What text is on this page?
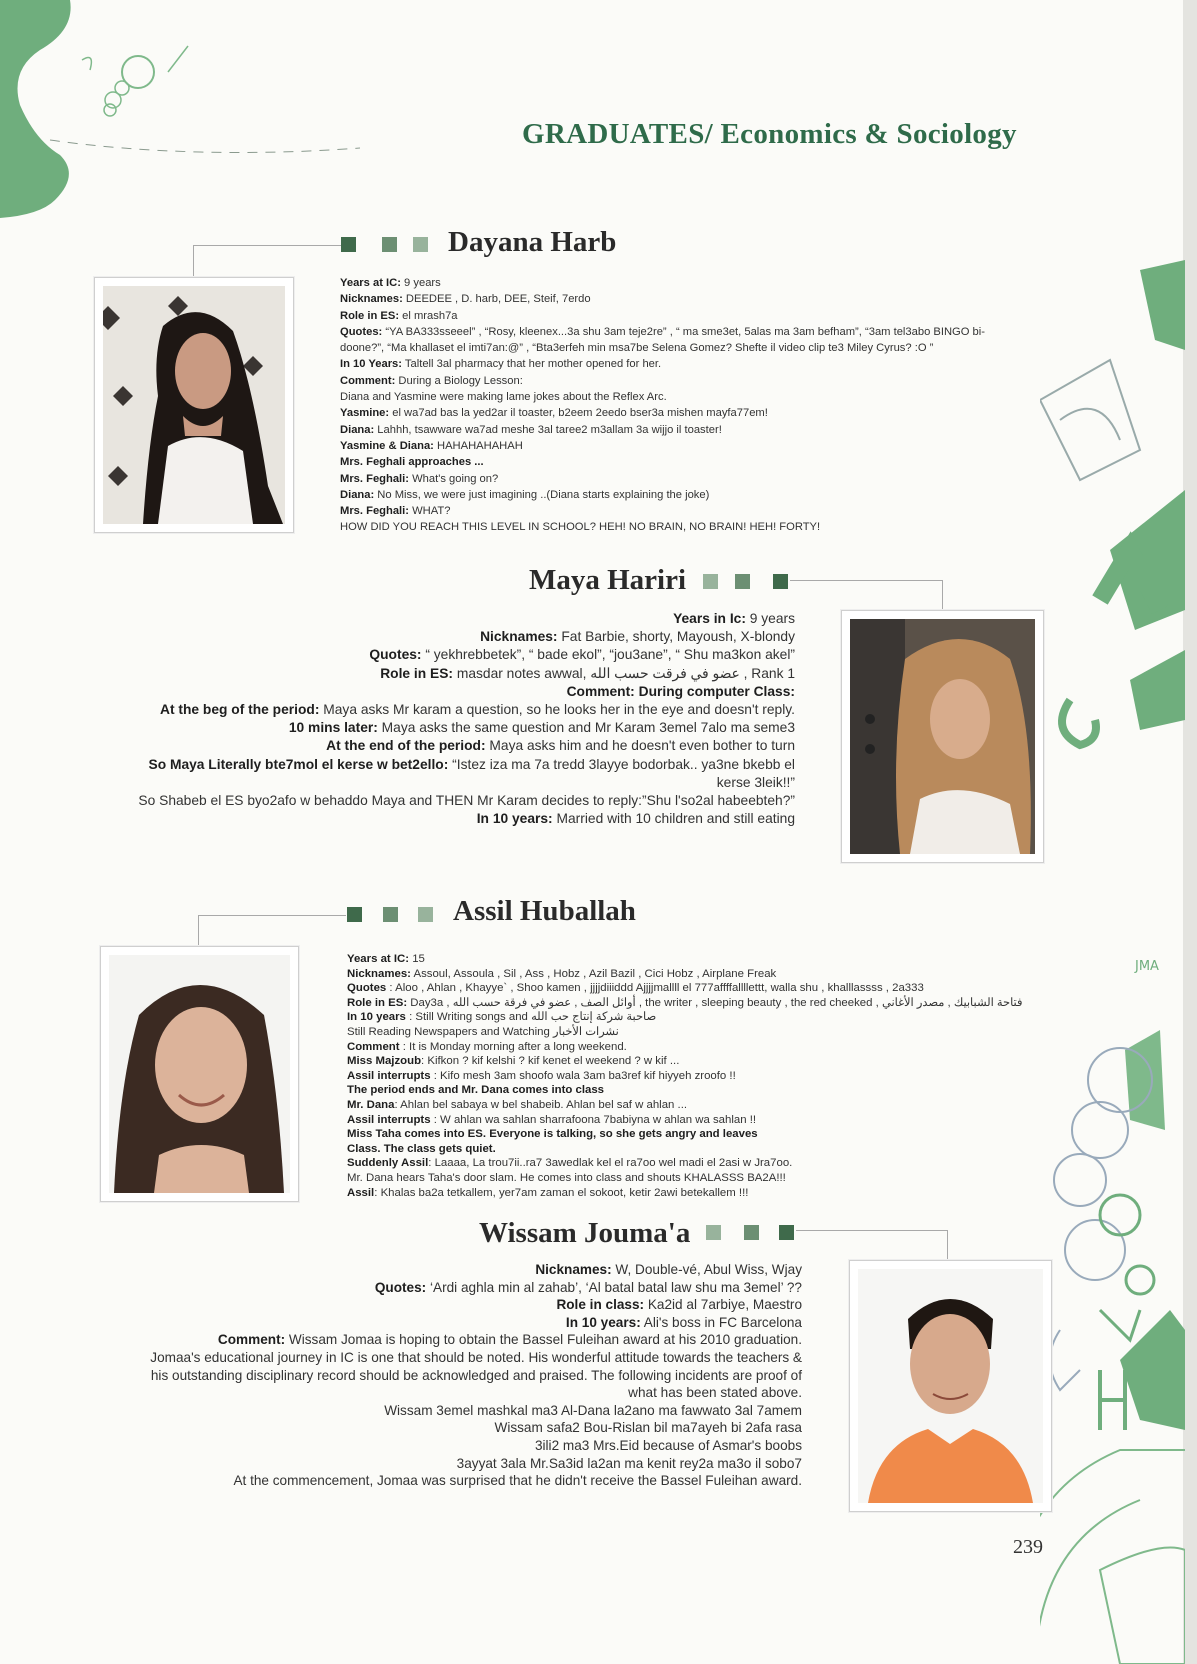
JMA
GRADUATES/ Economics & Sociology
Dayana Harb
Years at IC: 9 years
Nicknames: DEEDEE , D. harb, DEE, Steif, 7erdo
Role in ES: el mrash7a
Quotes: “YA BA333sseeel” , “Rosy, kleenex...3a shu 3am teje2re” , “ ma sme3et, 5alas ma 3am befham”, “3am tel3abo BINGO bi-
doone?”, “Ma khallaset el imti7an:@” , “Bta3erfeh min msa7be Selena Gomez? Shefte il video clip te3 Miley Cyrus? :O ”
In 10 Years: Taltell 3al pharmacy that her mother opened for her.
Comment: During a Biology Lesson:
Diana and Yasmine were making lame jokes about the Reflex Arc.
Yasmine: el wa7ad bas la yed2ar il toaster, b2eem 2eedo bser3a mishen mayfa77em!
Diana: Lahhh, tsawware wa7ad meshe 3al taree2 m3allam 3a wijjo il toaster!
Yasmine & Diana: HAHAHAHAHAH
Mrs. Feghali approaches ...
Mrs. Feghali: What's going on?
Diana: No Miss, we were just imagining ..(Diana starts explaining the joke)
Mrs. Feghali: WHAT?
HOW DID YOU REACH THIS LEVEL IN SCHOOL? HEH! NO BRAIN, NO BRAIN! HEH! FORTY!
Maya Hariri
Years in Ic: 9 years
Nicknames: Fat Barbie, shorty, Mayoush, X-blondy
Quotes: “ yekhrebbetek”, “ bade ekol”, “jou3ane”, “ Shu ma3kon akel”
Role in ES: masdar notes awwal, عضو في فرقت حسب الله , Rank 1
Comment: During computer Class:
At the beg of the period: Maya asks Mr karam a question, so he looks her in the eye and doesn't reply.
10 mins later: Maya asks the same question and Mr Karam 3emel 7alo ma seme3
At the end of the period: Maya asks him and he doesn't even bother to turn
So Maya Literally bte7mol el kerse w bet2ello: “Istez iza ma 7a tredd 3layye bodorbak.. ya3ne bkebb el
kerse 3leik!!”
So Shabeb el ES byo2afo w behaddo Maya and THEN Mr Karam decides to reply:”Shu l'so2al habeebteh?”
In 10 years: Married with 10 children and still eating
Assil Huballah
Years at IC: 15
Nicknames: Assoul, Assoula , Sil , Ass , Hobz , Azil Bazil , Cici Hobz , Airplane Freak
Quotes : Aloo , Ahlan , Khayye` , Shoo kamen , jjjjdiiiddd Ajjjjmallll el 777affffallllettt, walla shu , khalllassss , 2a333
Role in ES: Day3a , أوائل الصف , عضو في فرقة حسب الله , the writer , sleeping beauty , the red cheeked , فتاحة الشبابيك , مصدر الأغاني
In 10 years : Still Writing songs and صاحبة شركة إنتاج حب الله
Still Reading Newspapers and Watching نشرات الأخبار
Comment : It is Monday morning after a long weekend.
Miss Majzoub: Kifkon ? kif kelshi ? kif kenet el weekend ? w kif ...
Assil interrupts : Kifo mesh 3am shoofo wala 3am ba3ref kif hiyyeh zroofo !!
The period ends and Mr. Dana comes into class
Mr. Dana: Ahlan bel sabaya w bel shabeib. Ahlan bel saf w ahlan ...
Assil interrupts : W ahlan wa sahlan sharrafoona 7babiyna w ahlan wa sahlan !!
Miss Taha comes into ES. Everyone is talking, so she gets angry and leaves
Class. The class gets quiet.
Suddenly Assil: Laaaa, La trou7ii..ra7 3awedlak kel el ra7oo wel madi el 2asi w Jra7oo.
Mr. Dana hears Taha's door slam. He comes into class and shouts KHALASSS BA2A!!!
Assil: Khalas ba2a tetkallem, yer7am zaman el sokoot, ketir 2awi betekallem !!!
Wissam Jouma'a
Nicknames: W, Double-vé, Abul Wiss, Wjay
Quotes: ‘Ardi aghla min al zahab’, ‘Al batal batal law shu ma 3emel’ ??
Role in class: Ka2id al 7arbiye, Maestro
In 10 years: Ali's boss in FC Barcelona
Comment: Wissam Jomaa is hoping to obtain the Bassel Fuleihan award at his 2010 graduation.
Jomaa's educational journey in IC is one that should be noted. His wonderful attitude towards the teachers &
his outstanding disciplinary record should be acknowledged and praised. The following incidents are proof of
what has been stated above.
Wissam 3emel mashkal ma3 Al-Dana la2ano ma fawwato 3al 7amem
Wissam safa2 Bou-Rislan bil ma7ayeh bi 2afa rasa
3ili2 ma3 Mrs.Eid because of Asmar's boobs
3ayyat 3ala Mr.Sa3id la2an ma kenit rey2a ma3o il sobo7
At the commencement, Jomaa was surprised that he didn't receive the Bassel Fuleihan award.
239
